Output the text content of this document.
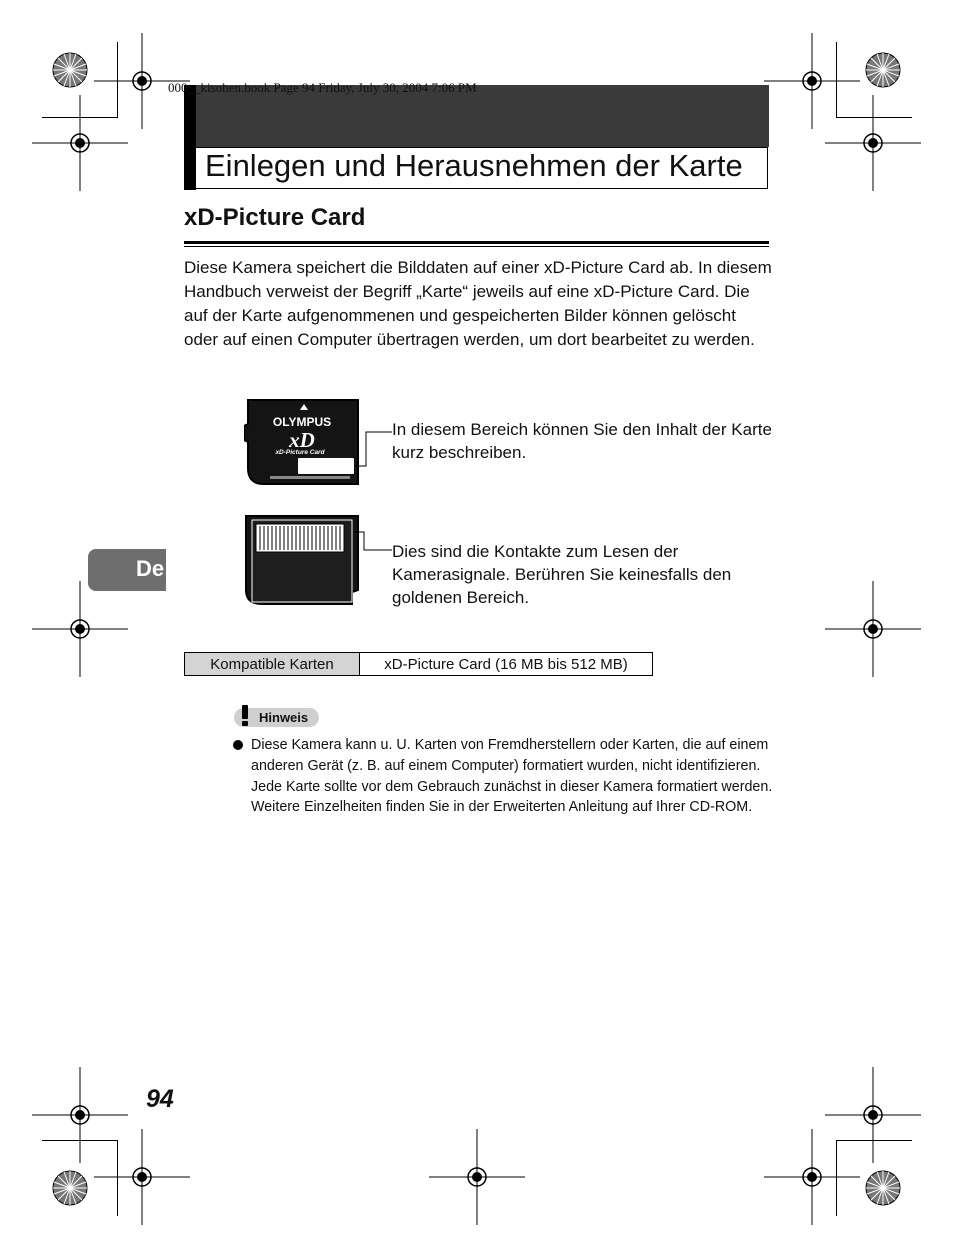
000__kisohen.book Page 94 Friday, July 30, 2004 7:06 PM
Einlegen und Herausnehmen der Karte
xD-Picture Card
Diese Kamera speichert die Bilddaten auf einer xD-Picture Card ab. In diesem Handbuch verweist der Begriff „Karte“ jeweils auf eine xD-Picture Card. Die auf der Karte aufgenommenen und gespeicherten Bilder können gelöscht oder auf einen Computer übertragen werden, um dort bearbeitet zu werden.
OLYMPUS
xD
xD-Picture Card
In diesem Bereich können Sie den Inhalt der Karte kurz beschreiben.
Dies sind die Kontakte zum Lesen der Kamerasignale. Berühren Sie keinesfalls den goldenen Bereich.
De
Kompatible Karten	xD-Picture Card (16 MB bis 512 MB)
Hinweis
Diese Kamera kann u. U. Karten von Fremdherstellern oder Karten, die auf einem anderen Gerät (z. B. auf einem Computer) formatiert wurden, nicht identifizieren. Jede Karte sollte vor dem Gebrauch zunächst in dieser Kamera formatiert werden. Weitere Einzelheiten finden Sie in der Erweiterten Anleitung auf Ihrer CD-ROM.
94
